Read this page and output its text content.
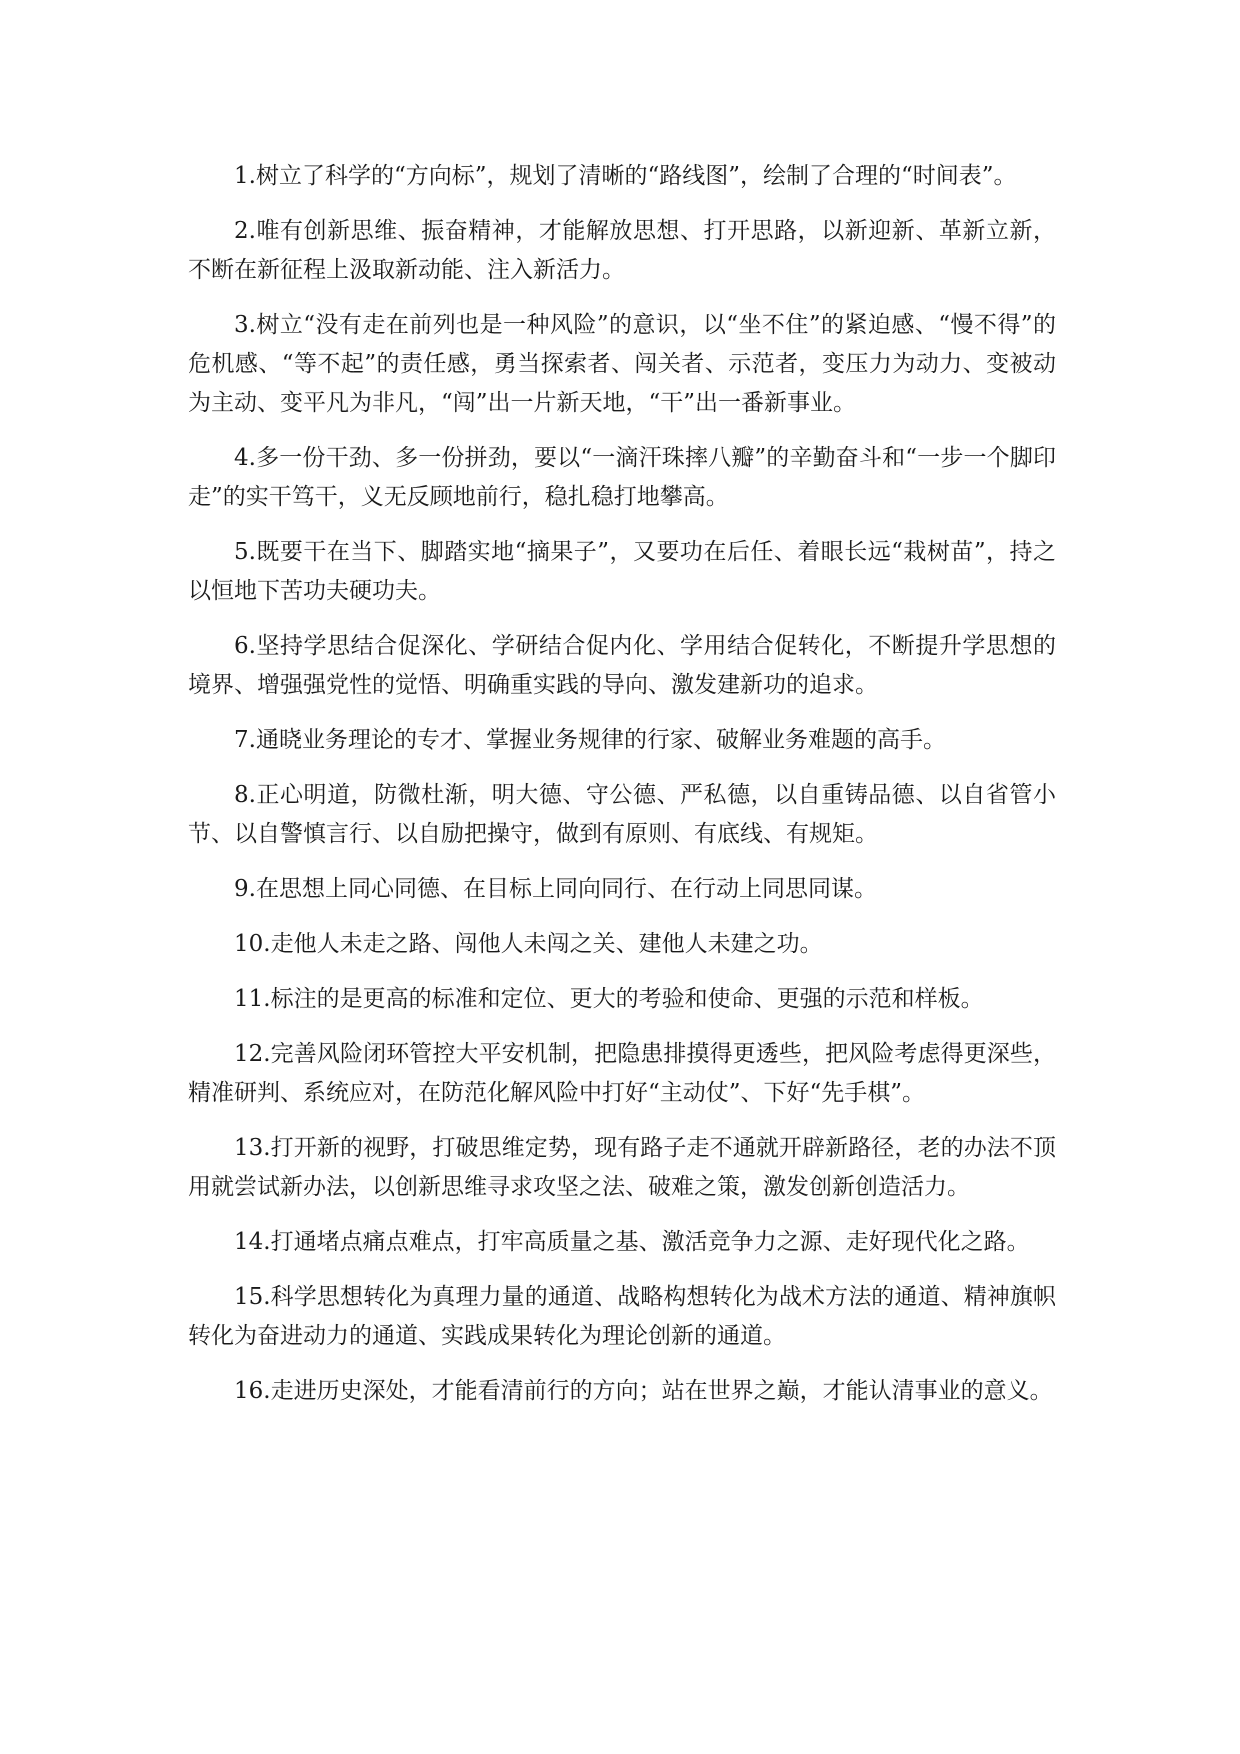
1.树立了科学的“方向标”，规划了清晰的“路线图”，绘制了合理的“时间表”。

2.唯有创新思维、振奋精神，才能解放思想、打开思路，以新迎新、革新立新，不断在新征程上汲取新动能、注入新活力。

3.树立“没有走在前列也是一种风险”的意识，以“坐不住”的紧迫感、“慢不得”的危机感、“等不起”的责任感，勇当探索者、闯关者、示范者，变压力为动力、变被动为主动、变平凡为非凡，“闯”出一片新天地，“干”出一番新事业。

4.多一份干劲、多一份拼劲，要以“一滴汗珠摔八瓣”的辛勤奋斗和“一步一个脚印走”的实干笃干，义无反顾地前行，稳扎稳打地攀高。

5.既要干在当下、脚踏实地“摘果子”，又要功在后任、着眼长远“栽树苗”，持之以恒地下苦功夫硬功夫。

6.坚持学思结合促深化、学研结合促内化、学用结合促转化，不断提升学思想的境界、增强强党性的觉悟、明确重实践的导向、激发建新功的追求。

7.通晓业务理论的专才、掌握业务规律的行家、破解业务难题的高手。

8.正心明道，防微杜渐，明大德、守公德、严私德，以自重铸品德、以自省管小节、以自警慎言行、以自励把操守，做到有原则、有底线、有规矩。

9.在思想上同心同德、在目标上同向同行、在行动上同思同谋。

10.走他人未走之路、闯他人未闯之关、建他人未建之功。

11.标注的是更高的标准和定位、更大的考验和使命、更强的示范和样板。

12.完善风险闭环管控大平安机制，把隐患排摸得更透些，把风险考虑得更深些，精准研判、系统应对，在防范化解风险中打好“主动仗”、下好“先手棋”。

13.打开新的视野，打破思维定势，现有路子走不通就开辟新路径，老的办法不顶用就尝试新办法，以创新思维寻求攻坚之法、破难之策，激发创新创造活力。

14.打通堵点痛点难点，打牢高质量之基、激活竞争力之源、走好现代化之路。

15.科学思想转化为真理力量的通道、战略构想转化为战术方法的通道、精神旗帜转化为奋进动力的通道、实践成果转化为理论创新的通道。

16.走进历史深处，才能看清前行的方向；站在世界之巅，才能认清事业的意义。
